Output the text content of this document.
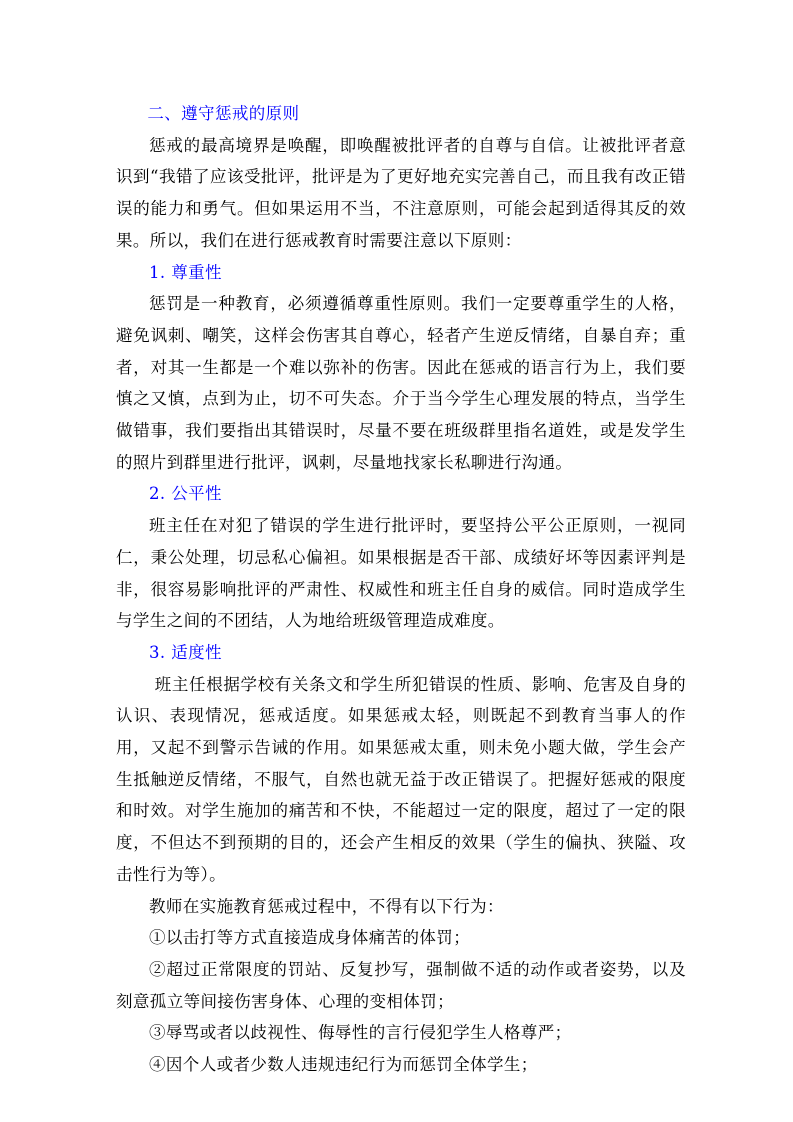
二、遵守惩戒的原则

惩戒的最高境界是唤醒，即唤醒被批评者的自尊与自信。让被批评者意识到“我错了应该受批评，批评是为了更好地充实完善自己，而且我有改正错误的能力和勇气。但如果运用不当，不注意原则，可能会起到适得其反的效果。所以，我们在进行惩戒教育时需要注意以下原则：

1. 尊重性

惩罚是一种教育，必须遵循尊重性原则。我们一定要尊重学生的人格，避免讽刺、嘲笑，这样会伤害其自尊心，轻者产生逆反情绪，自暴自弃；重者，对其一生都是一个难以弥补的伤害。因此在惩戒的语言行为上，我们要慎之又慎，点到为止，切不可失态。介于当今学生心理发展的特点，当学生做错事，我们要指出其错误时，尽量不要在班级群里指名道姓，或是发学生的照片到群里进行批评，讽刺，尽量地找家长私聊进行沟通。

2. 公平性

班主任在对犯了错误的学生进行批评时，要坚持公平公正原则，一视同仁，秉公处理，切忌私心偏袒。如果根据是否干部、成绩好坏等因素评判是非，很容易影响批评的严肃性、权威性和班主任自身的威信。同时造成学生与学生之间的不团结，人为地给班级管理造成难度。

3. 适度性

班主任根据学校有关条文和学生所犯错误的性质、影响、危害及自身的认识、表现情况，惩戒适度。如果惩戒太轻，则既起不到教育当事人的作用，又起不到警示告诫的作用。如果惩戒太重，则未免小题大做，学生会产生抵触逆反情绪，不服气，自然也就无益于改正错误了。把握好惩戒的限度和时效。对学生施加的痛苦和不快，不能超过一定的限度，超过了一定的限度，不但达不到预期的目的，还会产生相反的效果（学生的偏执、狭隘、攻击性行为等）。

教师在实施教育惩戒过程中，不得有以下行为：

①以击打等方式直接造成身体痛苦的体罚；

②超过正常限度的罚站、反复抄写，强制做不适的动作或者姿势，以及刻意孤立等间接伤害身体、心理的变相体罚；

③辱骂或者以歧视性、侮辱性的言行侵犯学生人格尊严；

④因个人或者少数人违规违纪行为而惩罚全体学生；
